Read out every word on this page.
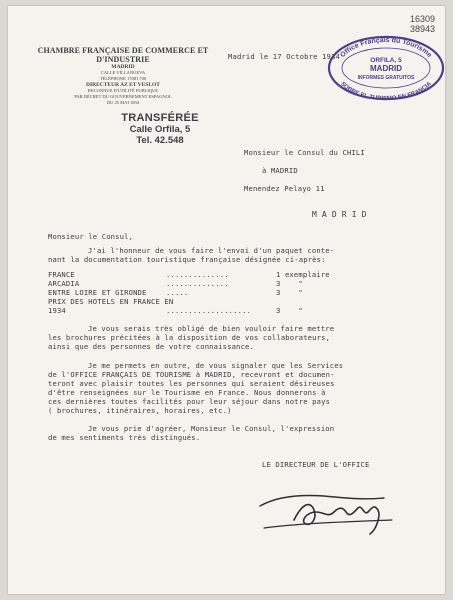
CHAMBRE FRANÇAISE DE COMMERCE ET D'INDUSTRIE
MADRID
CALLE VILLANUEVA
TÉLÉPHONE 17081 700
DIRECTEUR AZ ET VESLOT
RECONNUE D'UTILITÉ PUBLIQUE
PAR DÉCRET DU GOUVERNEMENT ESPAGNOL
DU 25 MAI 1894
TRANSFÉRÉE
Calle Orfila, 5
Tel. 42.548
Madrid le 17 Octobre 1934
16309
38943
Office Français du Tourisme
ORFILA, 5
MADRID
INFORMES GRATUITOS
SOBRE EL TURISMO EN FRANCIA
Monsieur le Consul du CHILI
à MADRID
Menendez Pelayo 11
M A D R I D
Monsieur le Consul,
J'ai l'honneur de vous faire l'envoi d'un paquet conte-
nant la documentation touristique française désignée ci-après:
FRANCE	..............	1 exemplaire
ARCADIA	..............	3    "
ENTRE LOIRE ET GIRONDE	.....	3    "
PRIX DES HOTELS EN FRANCE EN
1934	...................	3    "
Je vous serais très obligé de bien vouloir faire mettre
les brochures précitées à la disposition de vos collaborateurs,
ainsi que des personnes de votre connaissance.
Je me permets en outre, de vous signaler que les Services
de l'OFFICE FRANÇAIS DE TOURISME à MADRID, recevront et documen-
teront avec plaisir toutes les personnes qui seraient désireuses
d'être renseignées sur le Tourisme en France. Nous donnerons à
ces dernières toutes facilités pour leur séjour dans notre pays
( brochures, itinéraires, horaires, etc.)
Je vous prie d'agréer, Monsieur le Consul, l'expression
de mes sentiments très distingués.
LE DIRECTEUR DE L'OFFICE
